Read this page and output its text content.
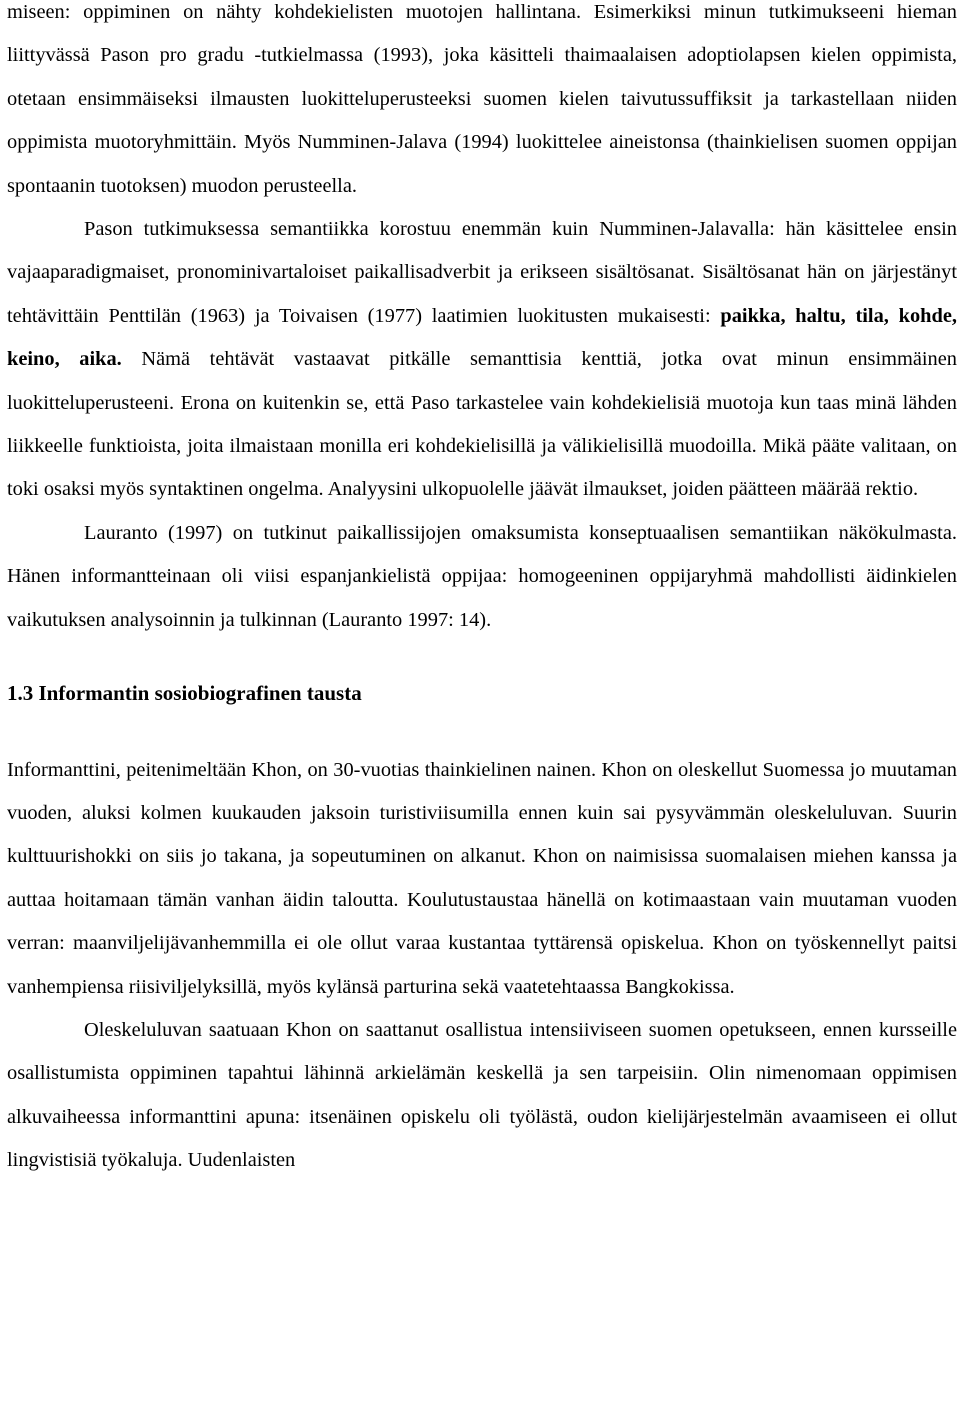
miseen: oppiminen on nähty kohdekielisten muotojen hallintana. Esimerkiksi minun tutkimukseeni hieman liittyvässä Pason pro gradu -tutkielmassa (1993), joka käsitteli thaimaalaisen adoptiolapsen kielen oppimista, otetaan ensimmäiseksi ilmausten luokitteluperusteeksi suomen kielen taivutussuffiksit ja tarkastellaan niiden oppimista muotoryhmittäin. Myös Numminen-Jalava (1994) luokittelee aineistonsa (thainkielisen suomen oppijan spontaanin tuotoksen) muodon perusteella.

Pason tutkimuksessa semantiikka korostuu enemmän kuin Numminen-Jalavalla: hän käsittelee ensin vajaaparadigmaiset, pronominivartaloiset paikallisadverbit ja erikseen sisältösanat. Sisältösanat hän on järjestänyt tehtävittäin Penttilän (1963) ja Toivaisen (1977) laatimien luokitusten mukaisesti: paikka, haltu, tila, kohde, keino, aika. Nämä tehtävät vastaavat pitkälle semanttisia kenttiä, jotka ovat minun ensimmäinen luokitteluperusteeni. Erona on kuitenkin se, että Paso tarkastelee vain kohdekielisiä muotoja kun taas minä lähden liikkeelle funktioista, joita ilmaistaan monilla eri kohdekielisillä ja välikielisillä muodoilla. Mikä pääte valitaan, on toki osaksi myös syntaktinen ongelma. Analyysini ulkopuolelle jäävät ilmaukset, joiden päätteen määrää rektio.

Lauranto (1997) on tutkinut paikallissijojen omaksumista konseptuaalisen semantiikan näkökulmasta. Hänen informantteinaan oli viisi espanjankielistä oppijaa: homogeeninen oppijaryhmä mahdollisti äidinkielen vaikutuksen analysoinnin ja tulkinnan (Lauranto 1997: 14).

1.3 Informantin sosiobiografinen tausta

Informanttini, peitenimeltään Khon, on 30-vuotias thainkielinen nainen. Khon on oleskellut Suomessa jo muutaman vuoden, aluksi kolmen kuukauden jaksoin turistiviisumilla ennen kuin sai pysyvämmän oleskeluluvan. Suurin kulttuurishokki on siis jo takana, ja sopeutuminen on alkanut. Khon on naimisissa suomalaisen miehen kanssa ja auttaa hoitamaan tämän vanhan äidin taloutta. Koulutustaustaa hänellä on kotimaastaan vain muutaman vuoden verran: maanviljelijävanhemmilla ei ole ollut varaa kustantaa tyttärensä opiskelua. Khon on työskennellyt paitsi vanhempiensa riisiviljelyksillä, myös kylänsä parturina sekä vaatetehtaassa Bangkokissa.

Oleskeluluvan saatuaan Khon on saattanut osallistua intensiiviseen suomen opetukseen, ennen kursseille osallistumista oppiminen tapahtui lähinnä arkielämän keskellä ja sen tarpeisiin. Olin nimenomaan oppimisen alkuvaiheessa informanttini apuna: itsenäinen opiskelu oli työlästä, oudon kielijärjestelmän avaamiseen ei ollut lingvistisiä työkaluja. Uudenlaisten
